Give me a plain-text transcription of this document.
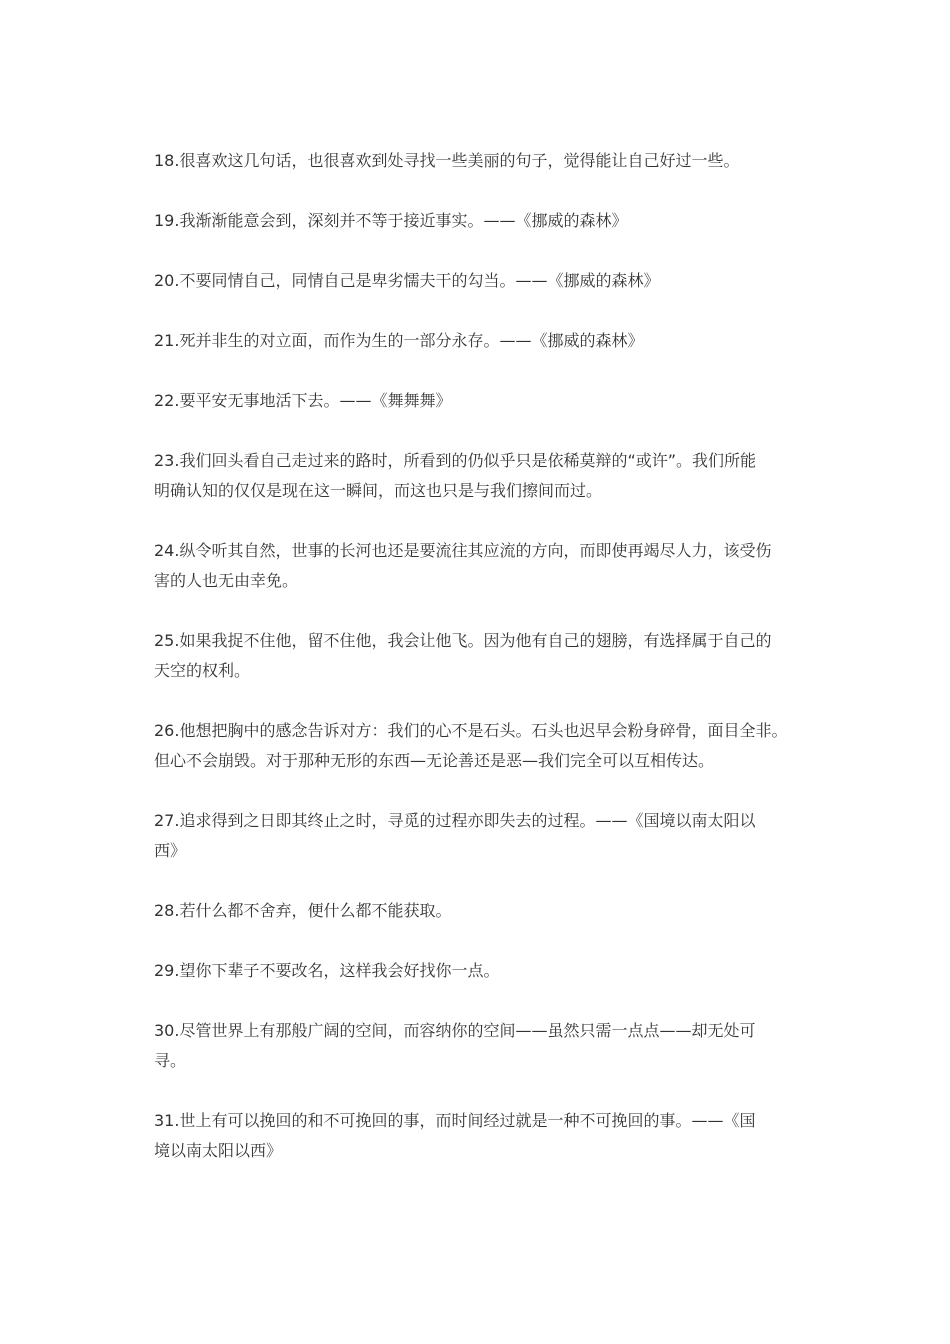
18.很喜欢这几句话，也很喜欢到处寻找一些美丽的句子，觉得能让自己好过一些。

19.我渐渐能意会到，深刻并不等于接近事实。——《挪威的森林》

20.不要同情自己，同情自己是卑劣懦夫干的勾当。——《挪威的森林》

21.死并非生的对立面，而作为生的一部分永存。——《挪威的森林》

22.要平安无事地活下去。——《舞舞舞》

23.我们回头看自己走过来的路时，所看到的仍似乎只是依稀莫辩的“或许”。我们所能
明确认知的仅仅是现在这一瞬间，而这也只是与我们擦间而过。

24.纵令听其自然，世事的长河也还是要流往其应流的方向，而即使再竭尽人力，该受伤
害的人也无由幸免。

25.如果我捉不住他，留不住他，我会让他飞。因为他有自己的翅膀，有选择属于自己的
天空的权利。

26.他想把胸中的感念告诉对方：我们的心不是石头。石头也迟早会粉身碎骨，面目全非。
但心不会崩毁。对于那种无形的东西—无论善还是恶—我们完全可以互相传达。

27.追求得到之日即其终止之时，寻觅的过程亦即失去的过程。——《国境以南太阳以
西》

28.若什么都不舍弃，便什么都不能获取。

29.望你下辈子不要改名，这样我会好找你一点。

30.尽管世界上有那般广阔的空间，而容纳你的空间——虽然只需一点点——却无处可
寻。

31.世上有可以挽回的和不可挽回的事，而时间经过就是一种不可挽回的事。——《国
境以南太阳以西》
